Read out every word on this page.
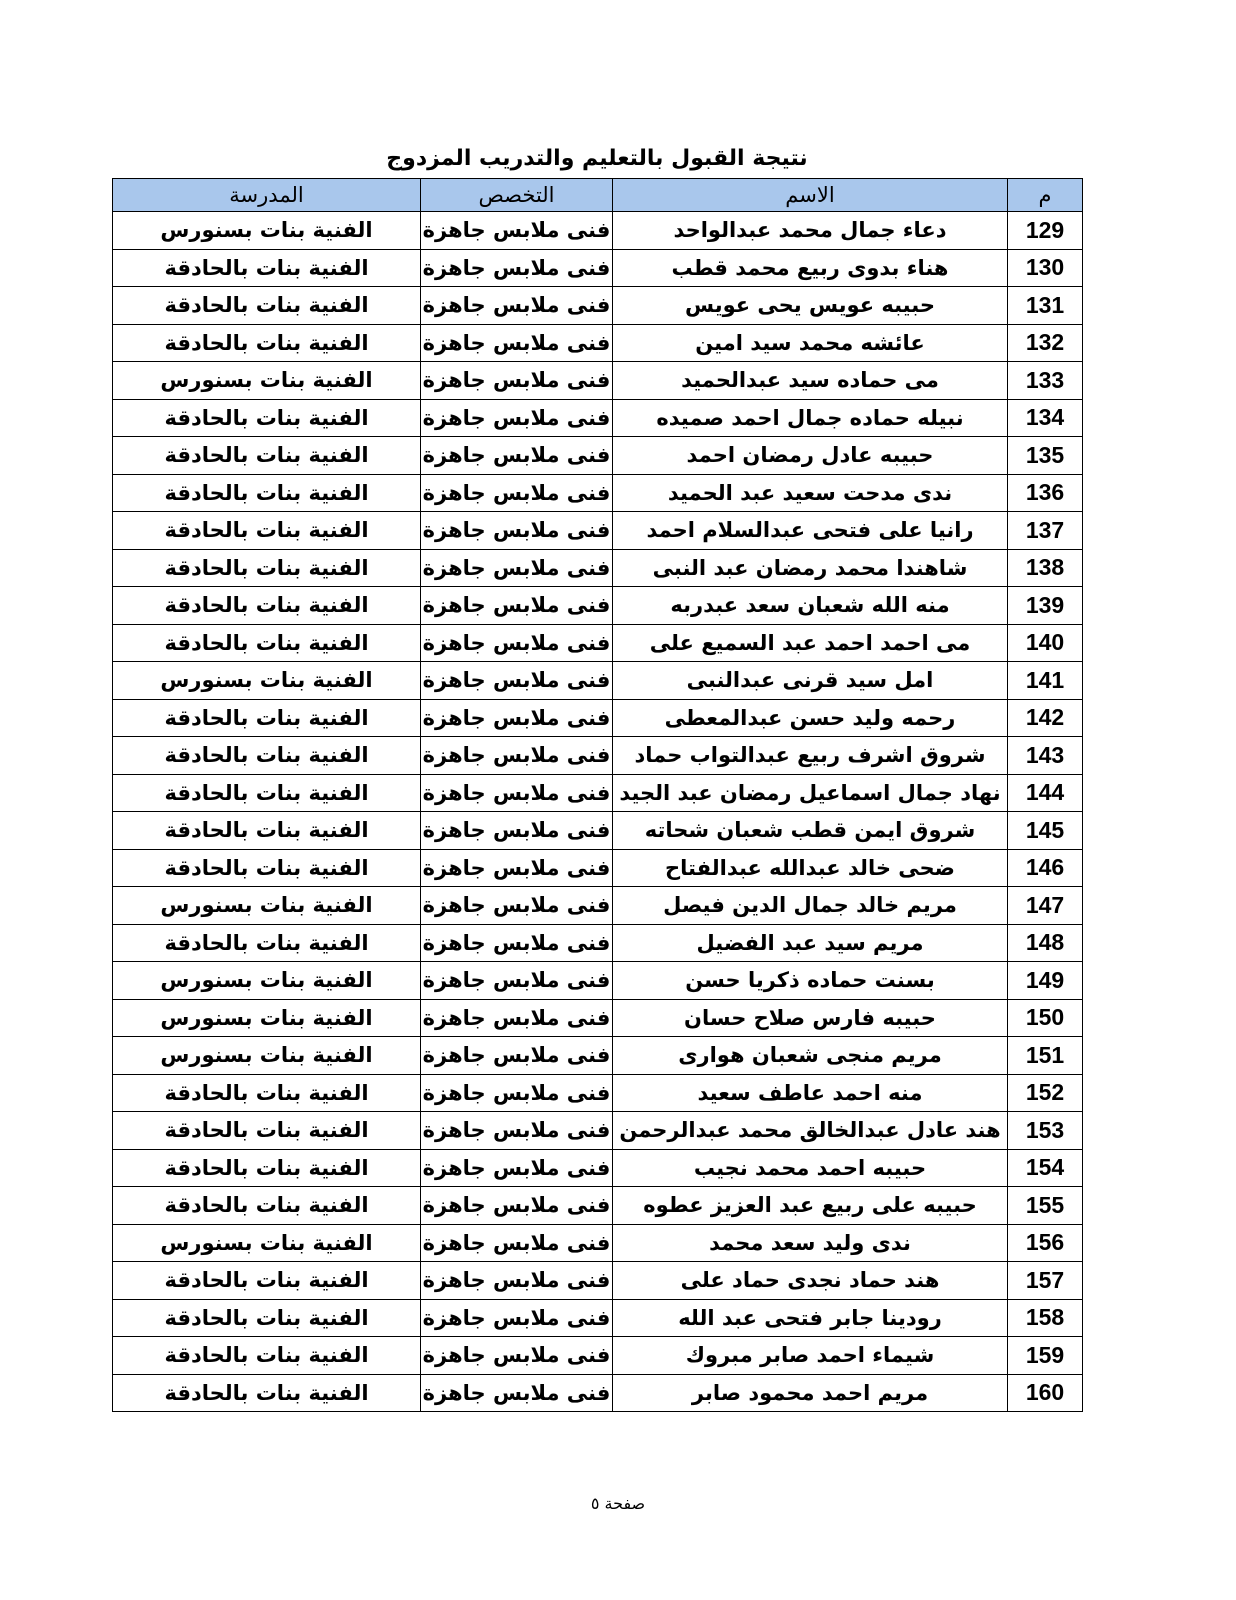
نتيجة القبول بالتعليم والتدريب المزدوج
م	الاسم	التخصص	المدرسة
129	دعاء جمال محمد عبدالواحد	فنى ملابس جاهزة	الفنية بنات بسنورس
130	هناء بدوى ربيع محمد قطب	فنى ملابس جاهزة	الفنية بنات بالحادقة
131	حبيبه عويس يحى عويس	فنى ملابس جاهزة	الفنية بنات بالحادقة
132	عائشه محمد سيد امين	فنى ملابس جاهزة	الفنية بنات بالحادقة
133	مى حماده سيد عبدالحميد	فنى ملابس جاهزة	الفنية بنات بسنورس
134	نبيله حماده جمال احمد صميده	فنى ملابس جاهزة	الفنية بنات بالحادقة
135	حبيبه عادل رمضان احمد	فنى ملابس جاهزة	الفنية بنات بالحادقة
136	ندى مدحت سعيد عبد الحميد	فنى ملابس جاهزة	الفنية بنات بالحادقة
137	رانيا على فتحى عبدالسلام احمد	فنى ملابس جاهزة	الفنية بنات بالحادقة
138	شاهندا محمد رمضان عبد النبى	فنى ملابس جاهزة	الفنية بنات بالحادقة
139	منه الله شعبان سعد عبدربه	فنى ملابس جاهزة	الفنية بنات بالحادقة
140	مى احمد احمد عبد السميع على	فنى ملابس جاهزة	الفنية بنات بالحادقة
141	امل سيد قرنى عبدالنبى	فنى ملابس جاهزة	الفنية بنات بسنورس
142	رحمه وليد حسن عبدالمعطى	فنى ملابس جاهزة	الفنية بنات بالحادقة
143	شروق اشرف ربيع عبدالتواب حماد	فنى ملابس جاهزة	الفنية بنات بالحادقة
144	نهاد جمال اسماعيل رمضان عبد الجيد	فنى ملابس جاهزة	الفنية بنات بالحادقة
145	شروق ايمن قطب شعبان شحاته	فنى ملابس جاهزة	الفنية بنات بالحادقة
146	ضحى خالد عبدالله عبدالفتاح	فنى ملابس جاهزة	الفنية بنات بالحادقة
147	مريم خالد جمال الدين فيصل	فنى ملابس جاهزة	الفنية بنات بسنورس
148	مريم سيد عبد الفضيل	فنى ملابس جاهزة	الفنية بنات بالحادقة
149	بسنت حماده ذكريا حسن	فنى ملابس جاهزة	الفنية بنات بسنورس
150	حبيبه فارس صلاح حسان	فنى ملابس جاهزة	الفنية بنات بسنورس
151	مريم منجى شعبان هوارى	فنى ملابس جاهزة	الفنية بنات بسنورس
152	منه احمد عاطف سعيد	فنى ملابس جاهزة	الفنية بنات بالحادقة
153	هند عادل عبدالخالق محمد عبدالرحمن	فنى ملابس جاهزة	الفنية بنات بالحادقة
154	حبيبه احمد محمد نجيب	فنى ملابس جاهزة	الفنية بنات بالحادقة
155	حبيبه على ربيع عبد العزيز عطوه	فنى ملابس جاهزة	الفنية بنات بالحادقة
156	ندى وليد سعد محمد	فنى ملابس جاهزة	الفنية بنات بسنورس
157	هند حماد نجدى حماد على	فنى ملابس جاهزة	الفنية بنات بالحادقة
158	رودينا جابر فتحى عبد الله	فنى ملابس جاهزة	الفنية بنات بالحادقة
159	شيماء احمد صابر مبروك	فنى ملابس جاهزة	الفنية بنات بالحادقة
160	مريم احمد محمود صابر	فنى ملابس جاهزة	الفنية بنات بالحادقة
صفحة ٥
